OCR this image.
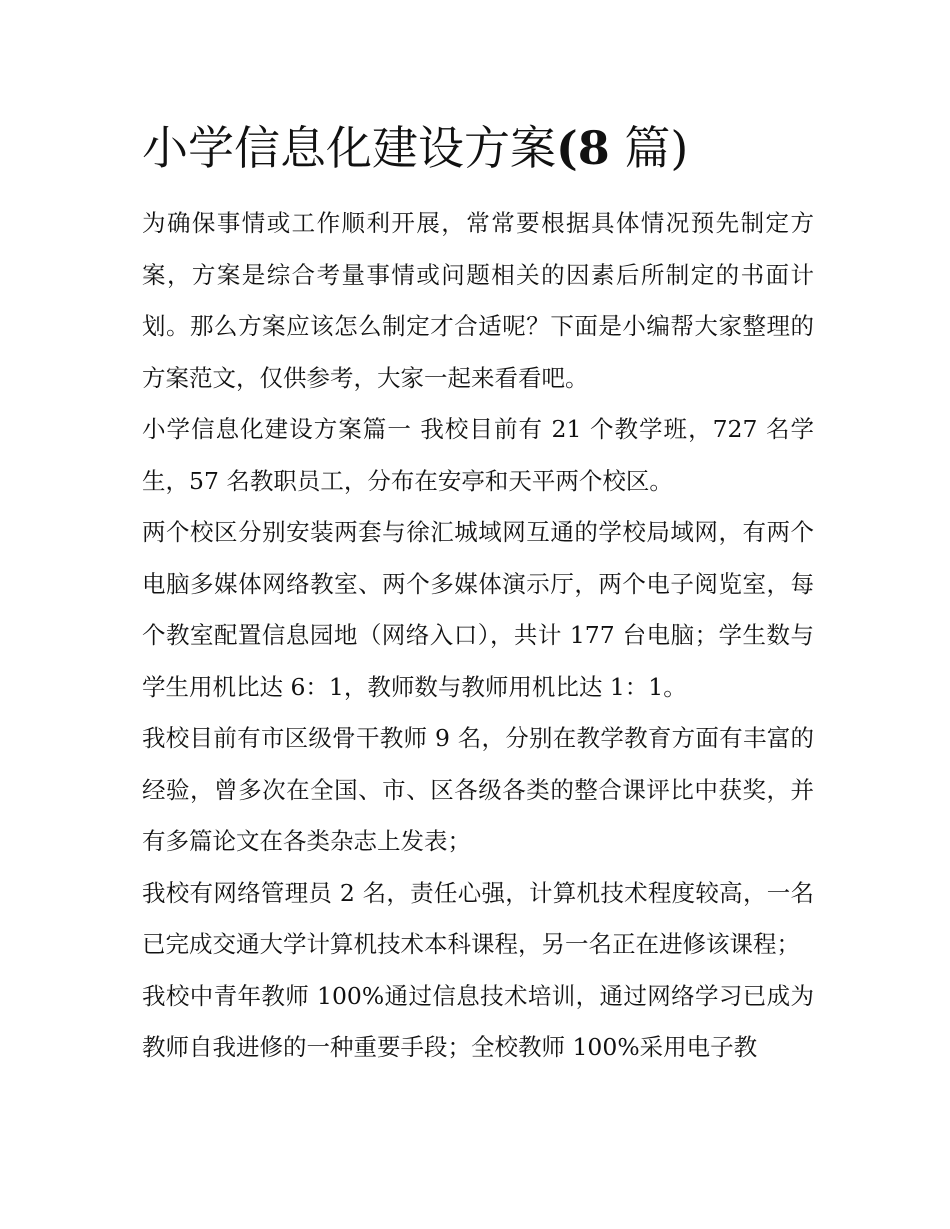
小学信息化建设方案(8 篇)

为确保事情或工作顺利开展，常常要根据具体情况预先制定方案，方案是综合考量事情或问题相关的因素后所制定的书面计划。那么方案应该怎么制定才合适呢？下面是小编帮大家整理的方案范文，仅供参考，大家一起来看看吧。

小学信息化建设方案篇一 我校目前有 21 个教学班，727 名学生，57 名教职员工，分布在安亭和天平两个校区。

两个校区分别安装两套与徐汇城域网互通的学校局域网，有两个电脑多媒体网络教室、两个多媒体演示厅，两个电子阅览室，每个教室配置信息园地（网络入口），共计 177 台电脑；学生数与学生用机比达 6：1，教师数与教师用机比达 1：1。

我校目前有市区级骨干教师 9 名，分别在教学教育方面有丰富的经验，曾多次在全国、市、区各级各类的整合课评比中获奖，并有多篇论文在各类杂志上发表；

我校有网络管理员 2 名，责任心强，计算机技术程度较高，一名已完成交通大学计算机技术本科课程，另一名正在进修该课程；

我校中青年教师 100%通过信息技术培训，通过网络学习已成为教师自我进修的一种重要手段；全校教师 100%采用电子教
